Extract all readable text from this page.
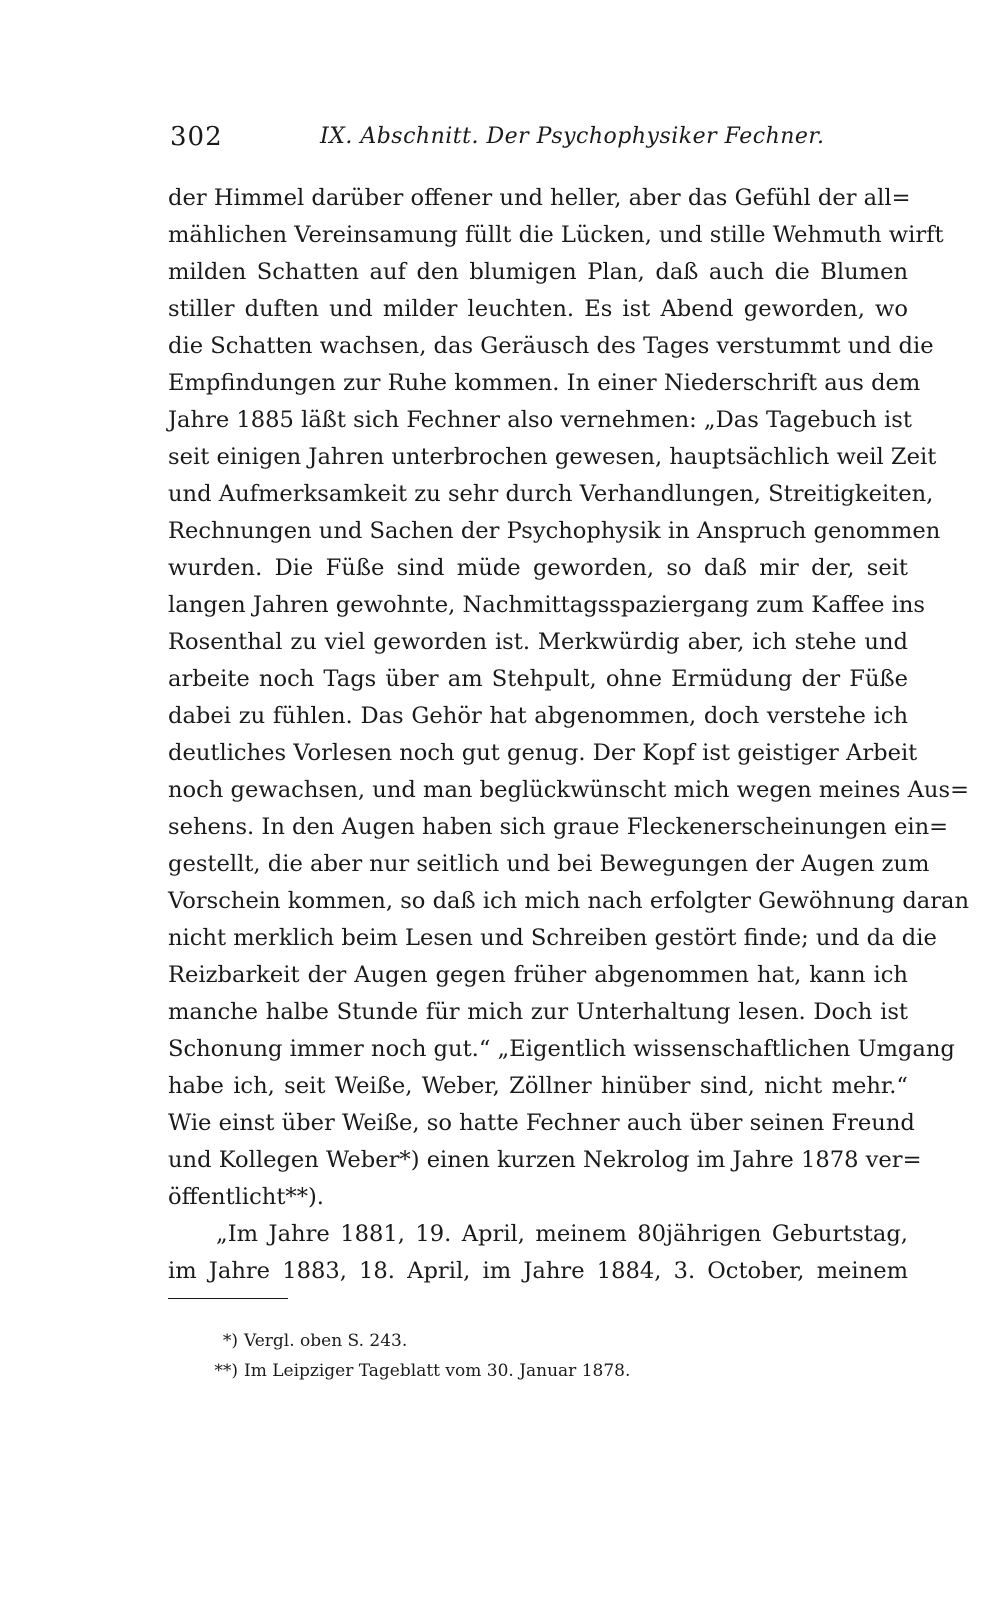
302	IX. Abschnitt. Der Psychophysiker Fechner.
der Himmel darüber offener und heller, aber das Gefühl der all=
mählichen Vereinsamung füllt die Lücken, und stille Wehmuth wirft
milden Schatten auf den blumigen Plan, daß auch die Blumen
stiller duften und milder leuchten. Es ist Abend geworden, wo
die Schatten wachsen, das Geräusch des Tages verstummt und die
Empfindungen zur Ruhe kommen. In einer Niederschrift aus dem
Jahre 1885 läßt sich Fechner also vernehmen: „Das Tagebuch ist
seit einigen Jahren unterbrochen gewesen, hauptsächlich weil Zeit
und Aufmerksamkeit zu sehr durch Verhandlungen, Streitigkeiten,
Rechnungen und Sachen der Psychophysik in Anspruch genommen
wurden. Die Füße sind müde geworden, so daß mir der, seit
langen Jahren gewohnte, Nachmittagsspaziergang zum Kaffee ins
Rosenthal zu viel geworden ist. Merkwürdig aber, ich stehe und
arbeite noch Tags über am Stehpult, ohne Ermüdung der Füße
dabei zu fühlen. Das Gehör hat abgenommen, doch verstehe ich
deutliches Vorlesen noch gut genug. Der Kopf ist geistiger Arbeit
noch gewachsen, und man beglückwünscht mich wegen meines Aus=
sehens. In den Augen haben sich graue Fleckenerscheinungen ein=
gestellt, die aber nur seitlich und bei Bewegungen der Augen zum
Vorschein kommen, so daß ich mich nach erfolgter Gewöhnung daran
nicht merklich beim Lesen und Schreiben gestört finde; und da die
Reizbarkeit der Augen gegen früher abgenommen hat, kann ich
manche halbe Stunde für mich zur Unterhaltung lesen. Doch ist
Schonung immer noch gut.“ „Eigentlich wissenschaftlichen Umgang
habe ich, seit Weiße, Weber, Zöllner hinüber sind, nicht mehr.“
Wie einst über Weiße, so hatte Fechner auch über seinen Freund
und Kollegen Weber*) einen kurzen Nekrolog im Jahre 1878 ver=
öffentlicht**).
„Im Jahre 1881, 19. April, meinem 80jährigen Geburtstag,
im Jahre 1883, 18. April, im Jahre 1884, 3. October, meinem
*) Vergl. oben S. 243.
**) Im Leipziger Tageblatt vom 30. Januar 1878.
